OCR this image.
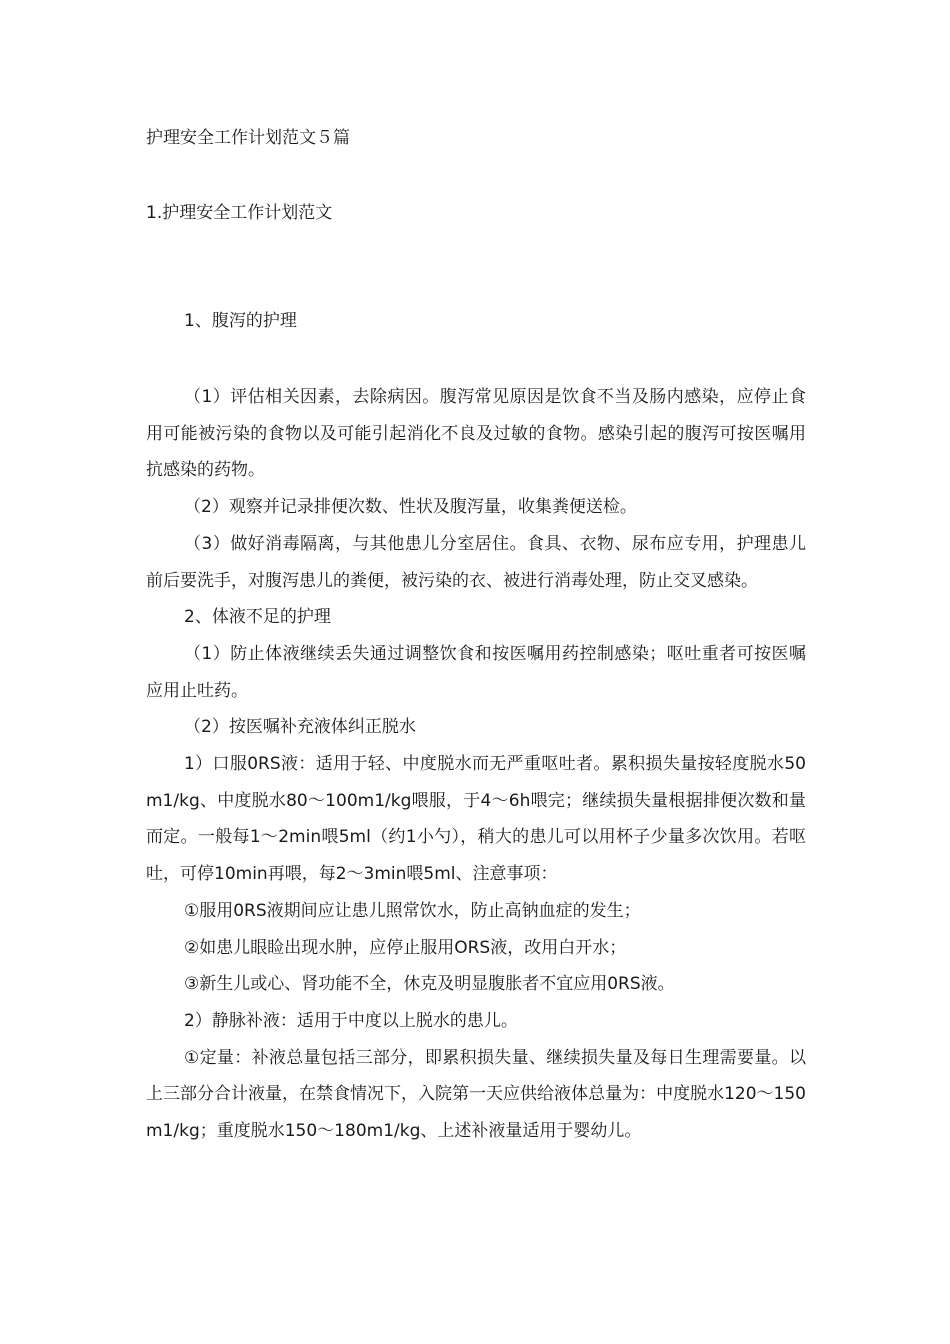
护理安全工作计划范文５篇
1.护理安全工作计划范文
1、腹泻的护理

（1）评估相关因素，去除病因。腹泻常见原因是饮食不当及肠内感染，应停止食用可能被污染的食物以及可能引起消化不良及过敏的食物。感染引起的腹泻可按医嘱用抗感染的药物。

（2）观察并记录排便次数、性状及腹泻量，收集粪便送检。

（3）做好消毒隔离，与其他患儿分室居住。食具、衣物、尿布应专用，护理患儿前后要洗手，对腹泻患儿的粪便，被污染的衣、被进行消毒处理，防止交叉感染。

2、体液不足的护理

（1）防止体液继续丢失通过调整饮食和按医嘱用药控制感染；呕吐重者可按医嘱应用止吐药。

（2）按医嘱补充液体纠正脱水

1）口服0RS液：适用于轻、中度脱水而无严重呕吐者。累积损失量按轻度脱水50m1/kg、中度脱水80～100m1/kg喂服，于4～6h喂完；继续损失量根据排便次数和量而定。一般每1～2min喂5ml（约1小勺），稍大的患儿可以用杯子少量多次饮用。若呕吐，可停10min再喂，每2～3min喂5ml、注意事项：

①服用0RS液期间应让患儿照常饮水，防止高钠血症的发生；

②如患儿眼睑出现水肿，应停止服用ORS液，改用白开水；

③新生儿或心、肾功能不全，休克及明显腹胀者不宜应用0RS液。

2）静脉补液：适用于中度以上脱水的患儿。

①定量：补液总量包括三部分，即累积损失量、继续损失量及每日生理需要量。以上三部分合计液量，在禁食情况下，入院第一天应供给液体总量为：中度脱水120～150m1/kg；重度脱水150～180m1/kg、上述补液量适用于婴幼儿。
